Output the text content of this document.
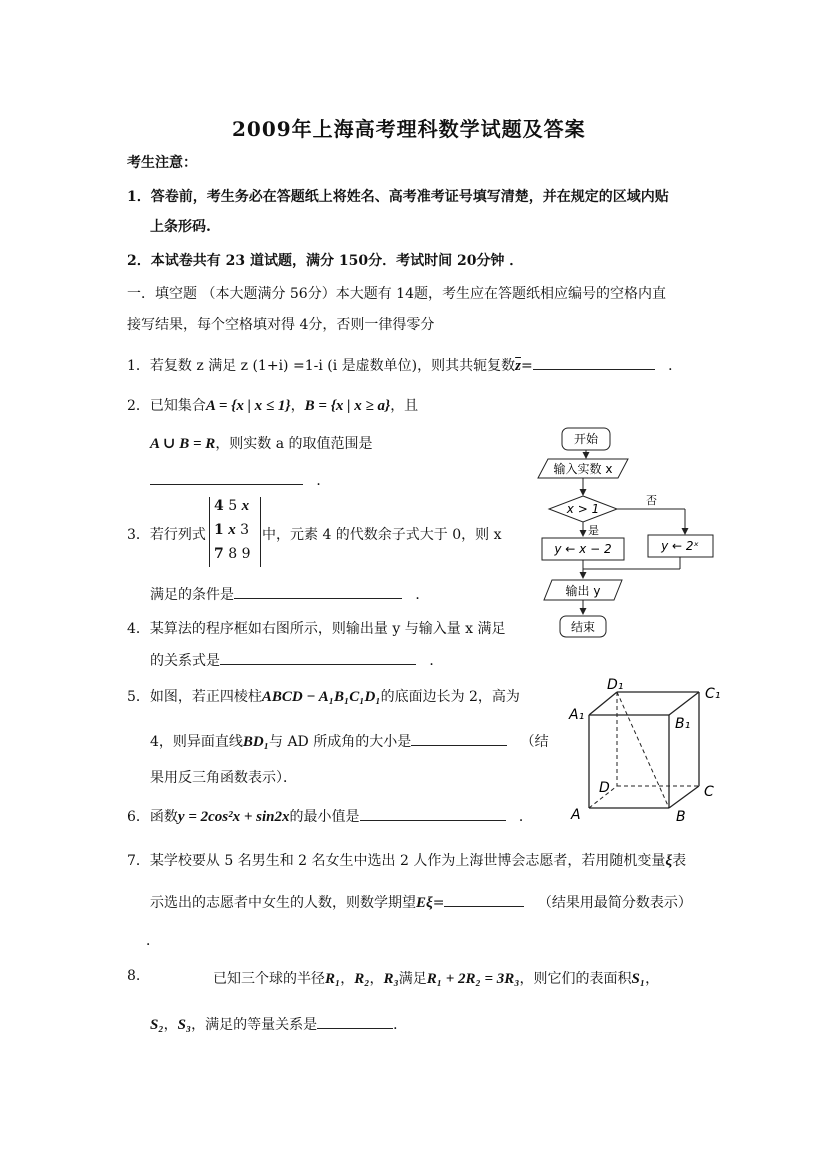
2009年上海高考理科数学试题及答案
考生注意：
1．答卷前，考生务必在答题纸上将姓名、高考准考证号填写清楚，并在规定的区域内贴
上条形码.
2．本试卷共有 23 道试题，满分 150分．考试时间 20分钟 ．
一．填空题 （本大题满分 56分）本大题有 14题，考生应在答题纸相应编号的空格内直
接写结果，每个空格填对得 4分，否则一律得零分
1．若复数 z 满足 z (1+i) =1-i (i 是虚数单位)，则其共轭复数$\overline{z}=$	．
2．已知集合A = {x | x ≤ 1}，B = {x | x ≥ a}，且
A ∪ B = R，则实数 a 的取值范围是
．
3．若行列式
4 5 x
1 x 3
7 8 9
中，元素 4 的代数余子式大于 0，则 x
满足的条件是	．
4．某算法的程序框如右图所示，则输出量 y 与输入量 x 满足
的关系式是	．
5．如图，若正四棱柱ABCD − A₁B₁C₁D₁的底面边长为 2，高为
4，则异面直线BD₁与 AD 所成角的大小是	（结
果用反三角函数表示）．
6．函数y = 2cos²x + sin2x的最小值是	．
7．某学校要从 5 名男生和 2 名女生中选出 2 人作为上海世博会志愿者，若用随机变量ξ表
示选出的志愿者中女生的人数，则数学期望Eξ=	（结果用最简分数表示）
．
8.	已知三个球的半径R₁，R₂，R₃满足R₁ + 2R₂ = 3R₃，则它们的表面积S₁，
S₂，S₃，满足的等量关系是	．
开始
输入实数 x
x > 1
否
是
y ← x − 2	y ← 2ˣ
输出 y
结束
D₁
C₁
A₁
B₁
D	C
A	B
